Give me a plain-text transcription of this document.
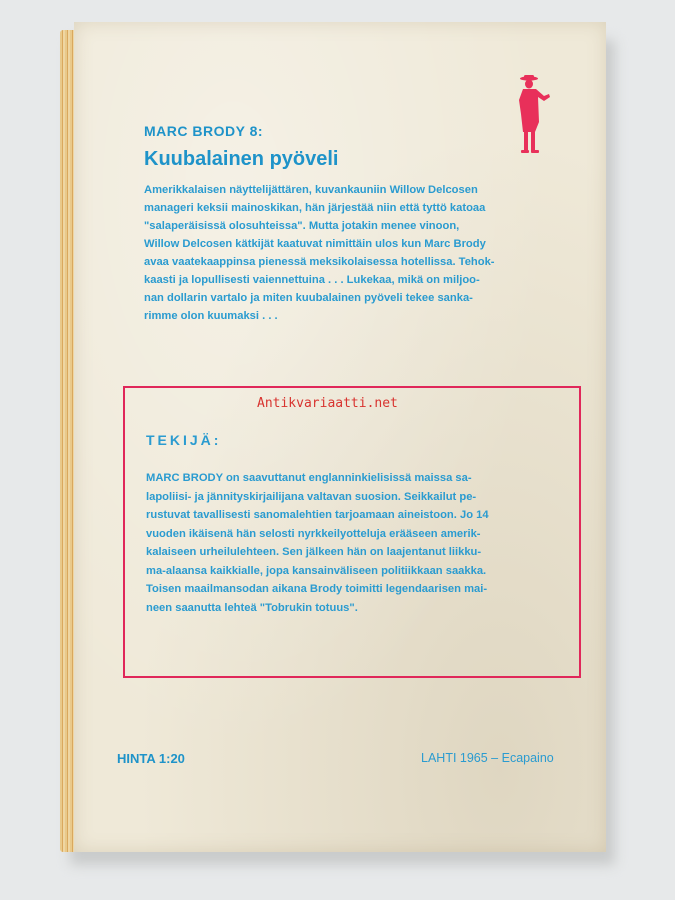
MARC BRODY 8:
Kuubalainen pyöveli
Amerikkalaisen näyttelijättären, kuvankauniin Willow Delcosen
manageri keksii mainoskikan, hän järjestää niin että tyttö katoaa
"salaperäisissä olosuhteissa". Mutta jotakin menee vinoon,
Willow Delcosen kätkijät kaatuvat nimittäin ulos kun Marc Brody
avaa vaatekaappinsa pienessä meksikolaisessa hotellissa. Tehok-
kaasti ja lopullisesti vaiennettuina . . . Lukekaa, mikä on miljoo-
nan dollarin vartalo ja miten kuubalainen pyöveli tekee sanka-
rimme olon kuumaksi . . .
Antikvariaatti.net
TEKIJÄ:
MARC BRODY on saavuttanut englanninkielisissä maissa sa-
lapoliisi- ja jännityskirjailijana valtavan suosion. Seikkailut pe-
rustuvat tavallisesti sanomalehtien tarjoamaan aineistoon. Jo 14
vuoden ikäisenä hän selosti nyrkkeilyotteluja erääseen amerik-
kalaiseen urheilulehteen. Sen jälkeen hän on laajentanut liikku-
ma-alaansa kaikkialle, jopa kansainväliseen politiikkaan saakka.
Toisen maailmansodan aikana Brody toimitti legendaarisen mai-
neen saanutta lehteä "Tobrukin totuus".
HINTA 1:20	LAHTI 1965 – Ecapaino
